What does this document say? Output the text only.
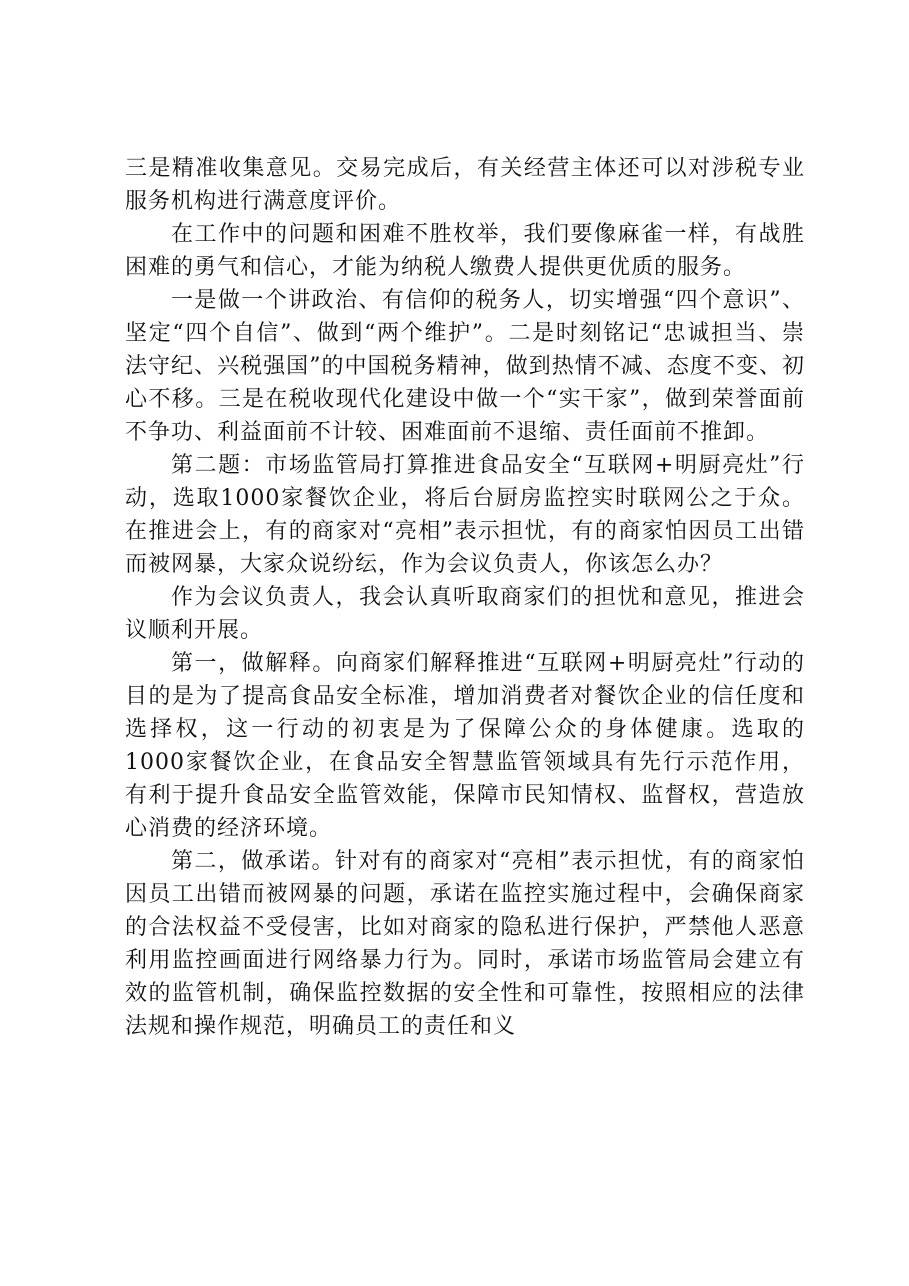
三是精准收集意见。交易完成后，有关经营主体还可以对涉税专业服务机构进行满意度评价。

在工作中的问题和困难不胜枚举，我们要像麻雀一样，有战胜困难的勇气和信心，才能为纳税人缴费人提供更优质的服务。

一是做一个讲政治、有信仰的税务人，切实增强“四个意识”、坚定“四个自信”、做到“两个维护”。二是时刻铭记“忠诚担当、崇法守纪、兴税强国”的中国税务精神，做到热情不减、态度不变、初心不移。三是在税收现代化建设中做一个“实干家”，做到荣誉面前不争功、利益面前不计较、困难面前不退缩、责任面前不推卸。

第二题：市场监管局打算推进食品安全“互联网+明厨亮灶”行动，选取1000家餐饮企业，将后台厨房监控实时联网公之于众。在推进会上，有的商家对“亮相”表示担忧，有的商家怕因员工出错而被网暴，大家众说纷纭，作为会议负责人，你该怎么办？

作为会议负责人，我会认真听取商家们的担忧和意见，推进会议顺利开展。

第一，做解释。向商家们解释推进“互联网+明厨亮灶”行动的目的是为了提高食品安全标准，增加消费者对餐饮企业的信任度和选择权，这一行动的初衷是为了保障公众的身体健康。选取的1000家餐饮企业，在食品安全智慧监管领域具有先行示范作用，有利于提升食品安全监管效能，保障市民知情权、监督权，营造放心消费的经济环境。

第二，做承诺。针对有的商家对“亮相”表示担忧，有的商家怕因员工出错而被网暴的问题，承诺在监控实施过程中，会确保商家的合法权益不受侵害，比如对商家的隐私进行保护，严禁他人恶意利用监控画面进行网络暴力行为。同时，承诺市场监管局会建立有效的监管机制，确保监控数据的安全性和可靠性，按照相应的法律法规和操作规范，明确员工的责任和义
